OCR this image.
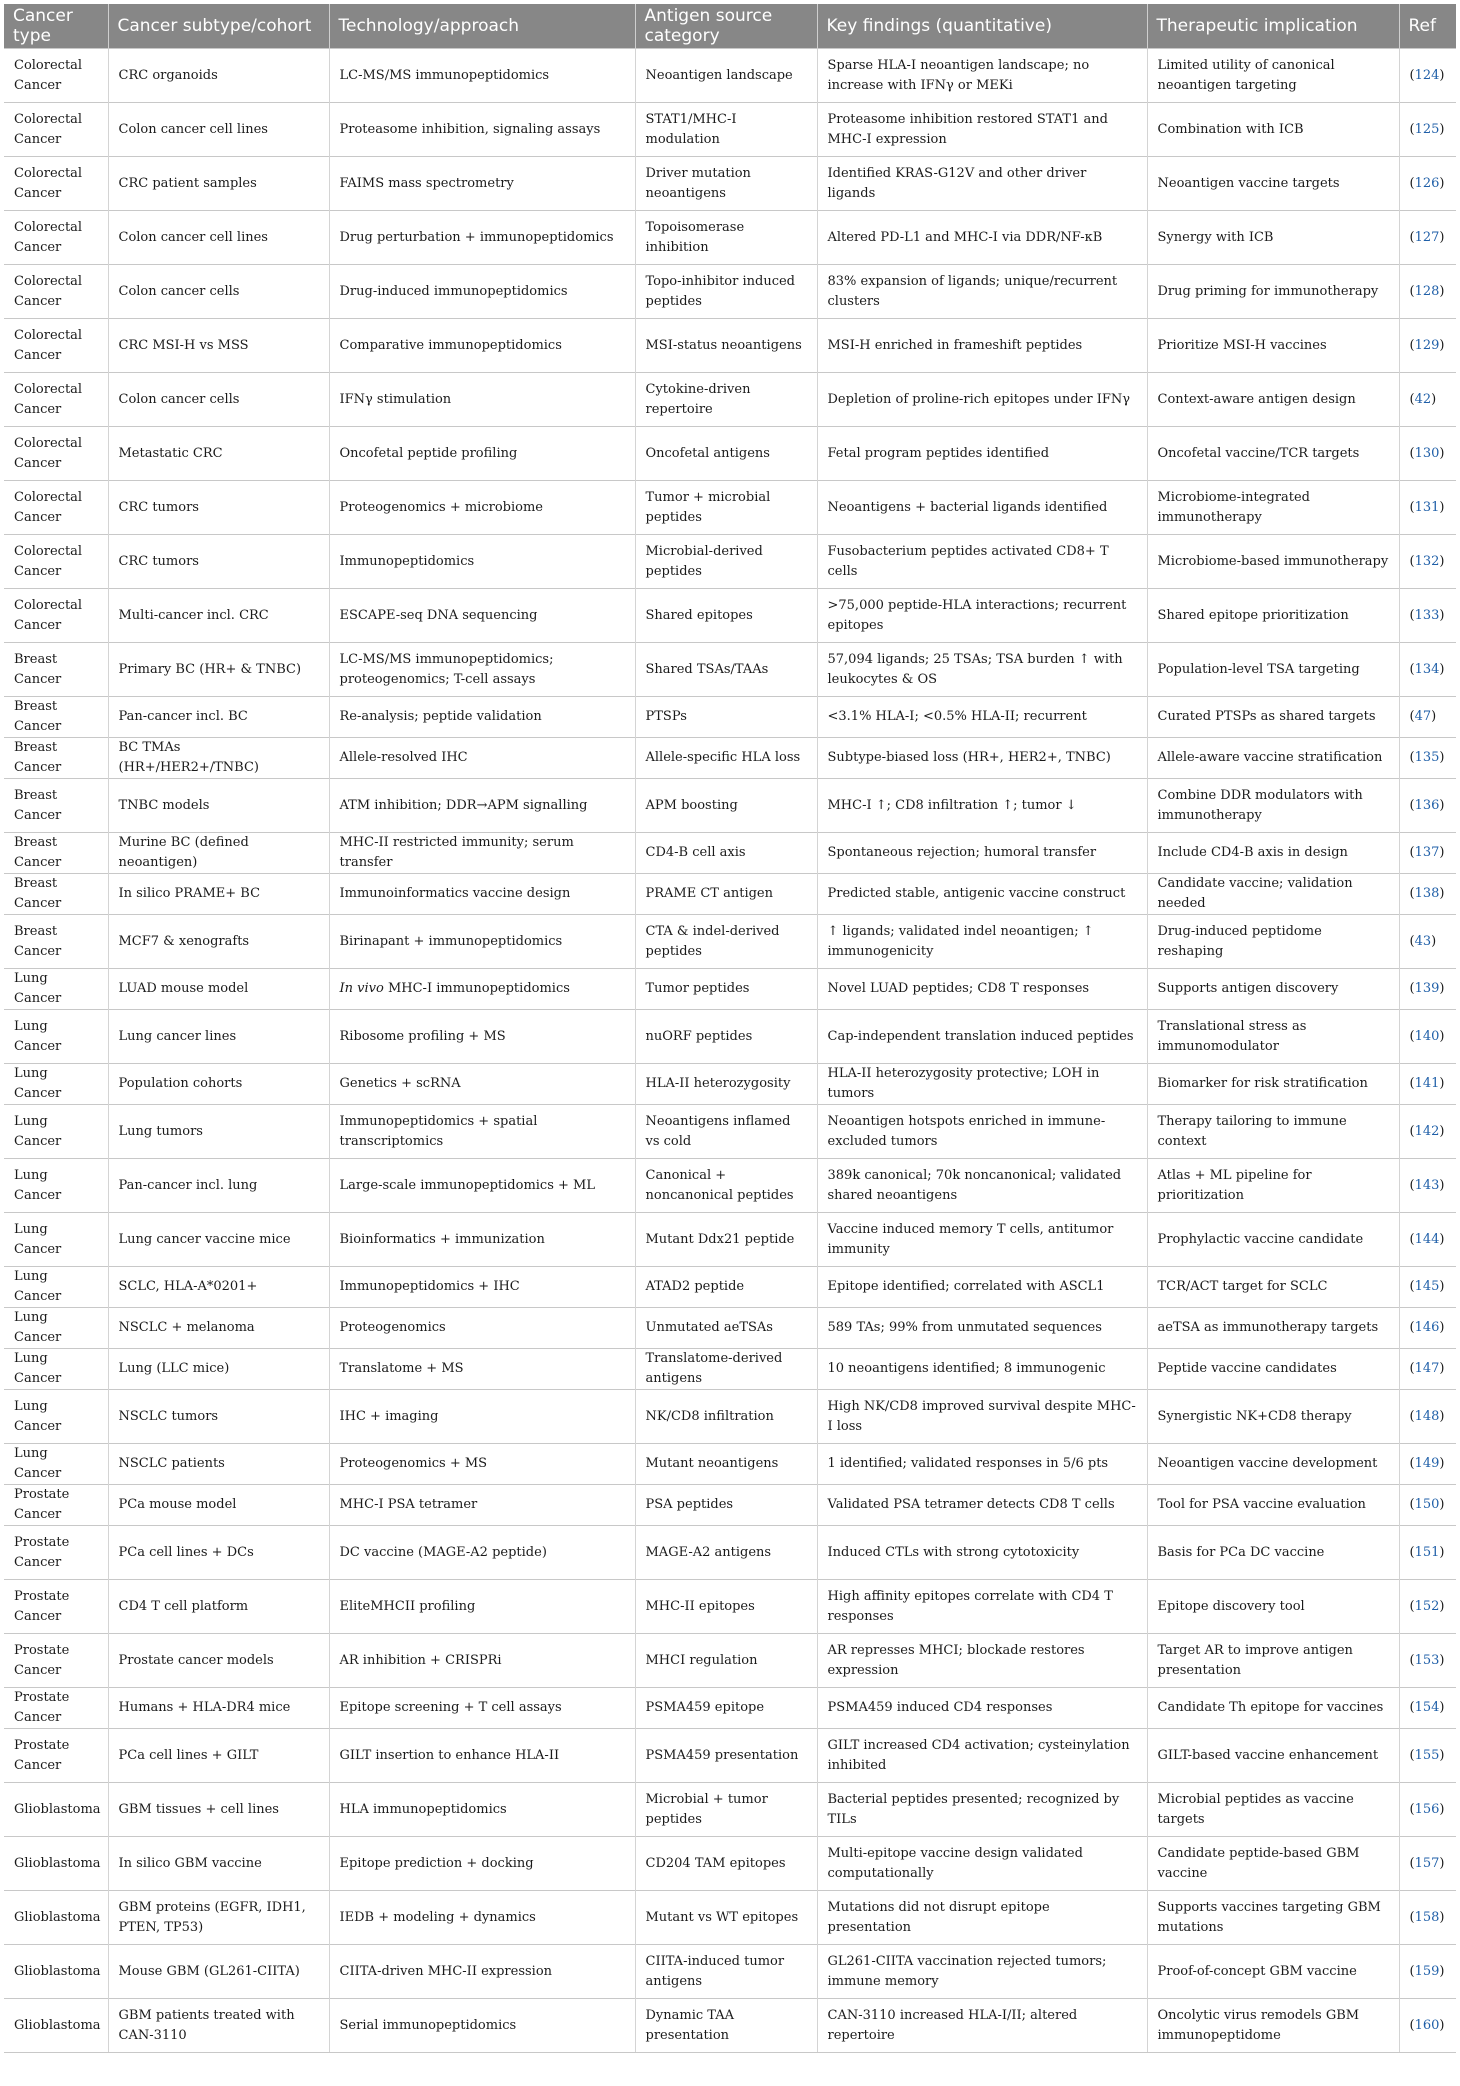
Cancer type	Cancer subtype/cohort	Technology/approach	Antigen source category	Key findings (quantitative)	Therapeutic implication	Ref
Colorectal Cancer	CRC organoids	LC-MS/MS immunopeptidomics	Neoantigen landscape	Sparse HLA-I neoantigen landscape; no increase with IFNγ or MEKi	Limited utility of canonical neoantigen targeting	(124)
Colorectal Cancer	Colon cancer cell lines	Proteasome inhibition, signaling assays	STAT1/MHC-I modulation	Proteasome inhibition restored STAT1 and MHC-I expression	Combination with ICB	(125)
Colorectal Cancer	CRC patient samples	FAIMS mass spectrometry	Driver mutation neoantigens	Identified KRAS-G12V and other driver ligands	Neoantigen vaccine targets	(126)
Colorectal Cancer	Colon cancer cell lines	Drug perturbation + immunopeptidomics	Topoisomerase inhibition	Altered PD-L1 and MHC-I via DDR/NF-κB	Synergy with ICB	(127)
Colorectal Cancer	Colon cancer cells	Drug-induced immunopeptidomics	Topo-inhibitor induced peptides	83% expansion of ligands; unique/recurrent clusters	Drug priming for immunotherapy	(128)
Colorectal Cancer	CRC MSI-H vs MSS	Comparative immunopeptidomics	MSI-status neoantigens	MSI-H enriched in frameshift peptides	Prioritize MSI-H vaccines	(129)
Colorectal Cancer	Colon cancer cells	IFNγ stimulation	Cytokine-driven repertoire	Depletion of proline-rich epitopes under IFNγ	Context-aware antigen design	(42)
Colorectal Cancer	Metastatic CRC	Oncofetal peptide profiling	Oncofetal antigens	Fetal program peptides identified	Oncofetal vaccine/TCR targets	(130)
Colorectal Cancer	CRC tumors	Proteogenomics + microbiome	Tumor + microbial peptides	Neoantigens + bacterial ligands identified	Microbiome-integrated immunotherapy	(131)
Colorectal Cancer	CRC tumors	Immunopeptidomics	Microbial-derived peptides	Fusobacterium peptides activated CD8+ T cells	Microbiome-based immunotherapy	(132)
Colorectal Cancer	Multi-cancer incl. CRC	ESCAPE-seq DNA sequencing	Shared epitopes	>75,000 peptide-HLA interactions; recurrent epitopes	Shared epitope prioritization	(133)
Breast Cancer	Primary BC (HR+ & TNBC)	LC-MS/MS immunopeptidomics; proteogenomics; T-cell assays	Shared TSAs/TAAs	57,094 ligands; 25 TSAs; TSA burden ↑ with leukocytes & OS	Population-level TSA targeting	(134)
Breast Cancer	Pan-cancer incl. BC	Re-analysis; peptide validation	PTSPs	<3.1% HLA-I; <0.5% HLA-II; recurrent	Curated PTSPs as shared targets	(47)
Breast Cancer	BC TMAs (HR+/HER2+/TNBC)	Allele-resolved IHC	Allele-specific HLA loss	Subtype-biased loss (HR+, HER2+, TNBC)	Allele-aware vaccine stratification	(135)
Breast Cancer	TNBC models	ATM inhibition; DDR→APM signalling	APM boosting	MHC-I ↑; CD8 infiltration ↑; tumor ↓	Combine DDR modulators with immunotherapy	(136)
Breast Cancer	Murine BC (defined neoantigen)	MHC-II restricted immunity; serum transfer	CD4-B cell axis	Spontaneous rejection; humoral transfer	Include CD4-B axis in design	(137)
Breast Cancer	In silico PRAME+ BC	Immunoinformatics vaccine design	PRAME CT antigen	Predicted stable, antigenic vaccine construct	Candidate vaccine; validation needed	(138)
Breast Cancer	MCF7 & xenografts	Birinapant + immunopeptidomics	CTA & indel-derived peptides	↑ ligands; validated indel neoantigen; ↑ immunogenicity	Drug-induced peptidome reshaping	(43)
Lung Cancer	LUAD mouse model	In vivo MHC-I immunopeptidomics	Tumor peptides	Novel LUAD peptides; CD8 T responses	Supports antigen discovery	(139)
Lung Cancer	Lung cancer lines	Ribosome profiling + MS	nuORF peptides	Cap-independent translation induced peptides	Translational stress as immunomodulator	(140)
Lung Cancer	Population cohorts	Genetics + scRNA	HLA-II heterozygosity	HLA-II heterozygosity protective; LOH in tumors	Biomarker for risk stratification	(141)
Lung Cancer	Lung tumors	Immunopeptidomics + spatial transcriptomics	Neoantigens inflamed vs cold	Neoantigen hotspots enriched in immune-excluded tumors	Therapy tailoring to immune context	(142)
Lung Cancer	Pan-cancer incl. lung	Large-scale immunopeptidomics + ML	Canonical + noncanonical peptides	389k canonical; 70k noncanonical; validated shared neoantigens	Atlas + ML pipeline for prioritization	(143)
Lung Cancer	Lung cancer vaccine mice	Bioinformatics + immunization	Mutant Ddx21 peptide	Vaccine induced memory T cells, antitumor immunity	Prophylactic vaccine candidate	(144)
Lung Cancer	SCLC, HLA-A*0201+	Immunopeptidomics + IHC	ATAD2 peptide	Epitope identified; correlated with ASCL1	TCR/ACT target for SCLC	(145)
Lung Cancer	NSCLC + melanoma	Proteogenomics	Unmutated aeTSAs	589 TAs; 99% from unmutated sequences	aeTSA as immunotherapy targets	(146)
Lung Cancer	Lung (LLC mice)	Translatome + MS	Translatome-derived antigens	10 neoantigens identified; 8 immunogenic	Peptide vaccine candidates	(147)
Lung Cancer	NSCLC tumors	IHC + imaging	NK/CD8 infiltration	High NK/CD8 improved survival despite MHC-I loss	Synergistic NK+CD8 therapy	(148)
Lung Cancer	NSCLC patients	Proteogenomics + MS	Mutant neoantigens	1 identified; validated responses in 5/6 pts	Neoantigen vaccine development	(149)
Prostate Cancer	PCa mouse model	MHC-I PSA tetramer	PSA peptides	Validated PSA tetramer detects CD8 T cells	Tool for PSA vaccine evaluation	(150)
Prostate Cancer	PCa cell lines + DCs	DC vaccine (MAGE-A2 peptide)	MAGE-A2 antigens	Induced CTLs with strong cytotoxicity	Basis for PCa DC vaccine	(151)
Prostate Cancer	CD4 T cell platform	EliteMHCII profiling	MHC-II epitopes	High affinity epitopes correlate with CD4 T responses	Epitope discovery tool	(152)
Prostate Cancer	Prostate cancer models	AR inhibition + CRISPRi	MHCI regulation	AR represses MHCI; blockade restores expression	Target AR to improve antigen presentation	(153)
Prostate Cancer	Humans + HLA-DR4 mice	Epitope screening + T cell assays	PSMA459 epitope	PSMA459 induced CD4 responses	Candidate Th epitope for vaccines	(154)
Prostate Cancer	PCa cell lines + GILT	GILT insertion to enhance HLA-II	PSMA459 presentation	GILT increased CD4 activation; cysteinylation inhibited	GILT-based vaccine enhancement	(155)
Glioblastoma	GBM tissues + cell lines	HLA immunopeptidomics	Microbial + tumor peptides	Bacterial peptides presented; recognized by TILs	Microbial peptides as vaccine targets	(156)
Glioblastoma	In silico GBM vaccine	Epitope prediction + docking	CD204 TAM epitopes	Multi-epitope vaccine design validated computationally	Candidate peptide-based GBM vaccine	(157)
Glioblastoma	GBM proteins (EGFR, IDH1, PTEN, TP53)	IEDB + modeling + dynamics	Mutant vs WT epitopes	Mutations did not disrupt epitope presentation	Supports vaccines targeting GBM mutations	(158)
Glioblastoma	Mouse GBM (GL261-CIITA)	CIITA-driven MHC-II expression	CIITA-induced tumor antigens	GL261-CIITA vaccination rejected tumors; immune memory	Proof-of-concept GBM vaccine	(159)
Glioblastoma	GBM patients treated with CAN-3110	Serial immunopeptidomics	Dynamic TAA presentation	CAN-3110 increased HLA-I/II; altered repertoire	Oncolytic virus remodels GBM immunopeptidome	(160)
